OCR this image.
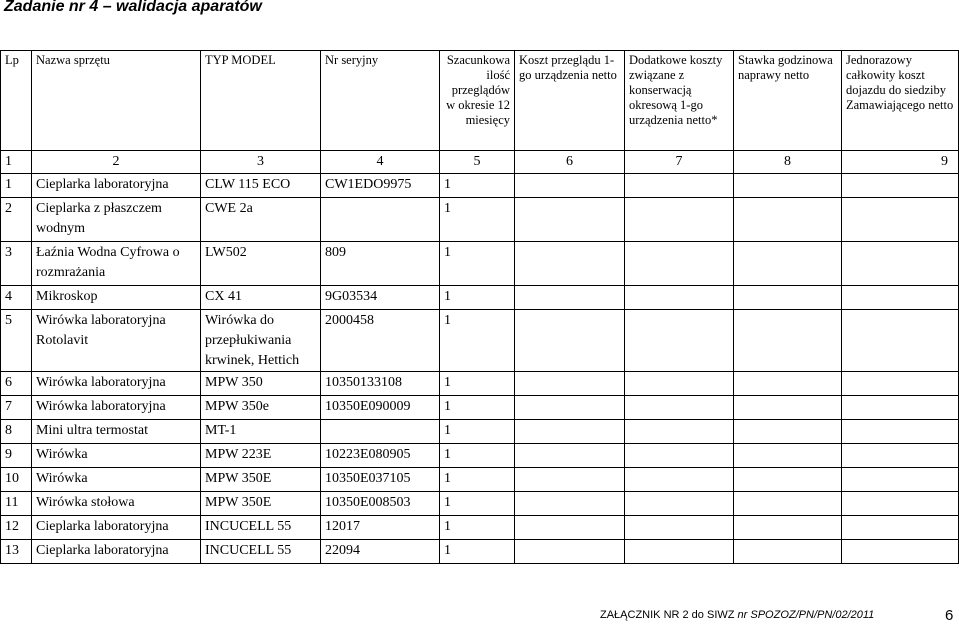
Zadanie nr 4 – walidacja aparatów
Lp	Nazwa sprzętu	TYP MODEL	Nr seryjny	Szacunkowa ilość przeglądów w okresie 12 miesięcy	Koszt przeglądu 1-go urządzenia netto	Dodatkowe koszty związane z konserwacją okresową 1-go urządzenia netto*	Stawka godzinowa naprawy netto	Jednorazowy całkowity koszt dojazdu do siedziby Zamawiającego netto
1	2	3	4	5	6	7	8	9
1	Cieplarka laboratoryjna	CLW 115 ECO	CW1EDO9975	1				
2	Cieplarka z płaszczem wodnym	CWE 2a		1				
3	Łaźnia Wodna Cyfrowa o rozmrażania	LW502	809	1				
4	Mikroskop	CX 41	9G03534	1				
5	Wirówka laboratoryjna Rotolavit	Wirówka do przepłukiwania krwinek, Hettich	2000458	1				
6	Wirówka laboratoryjna	MPW 350	10350133108	1				
7	Wirówka laboratoryjna	MPW 350e	10350E090009	1				
8	Mini ultra termostat	MT-1		1				
9	Wirówka	MPW 223E	10223E080905	1				
10	Wirówka	MPW 350E	10350E037105	1				
11	Wirówka stołowa	MPW 350E	10350E008503	1				
12	Cieplarka laboratoryjna	INCUCELL 55	12017	1				
13	Cieplarka laboratoryjna	INCUCELL 55	22094	1				
ZAŁĄCZNIK NR 2 do SIWZ nr SPOZOZ/PN/PN/02/2011	6
